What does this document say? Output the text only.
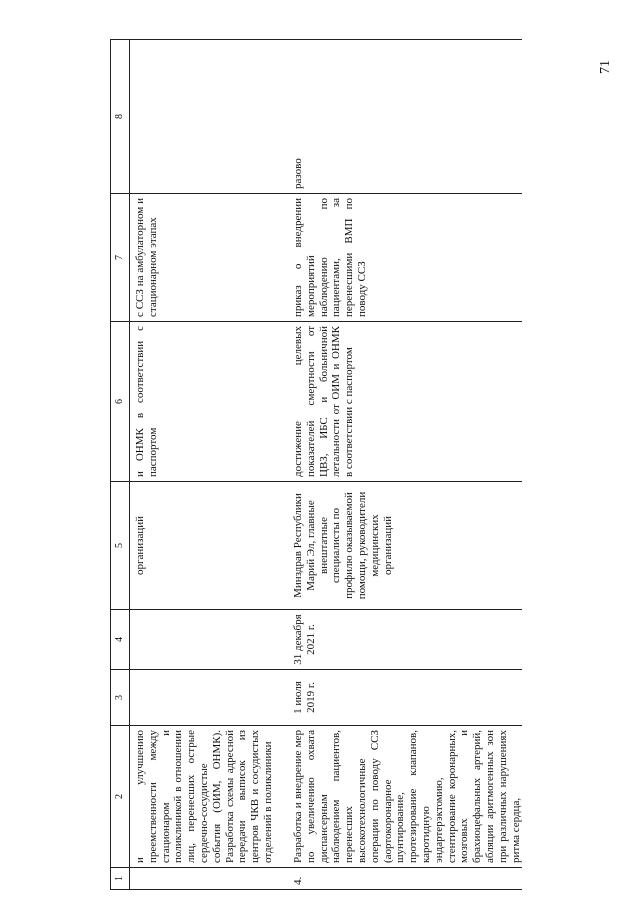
71
1	2	3	4	5	6	7	8
	и улучшению преемственности между стационаром и поликлиникой в отношении лиц, перенесших острые сердечно-сосудистые события (ОИМ, ОНМК). Разработка схемы адресной передачи выписок из центров ЧКВ и сосудистых отделений в поликлиники			организаций	и ОНМК в соответствии с паспортом	с ССЗ на амбулаторном и стационарном этапах	
4.	Разработка и внедрение мер по увеличению охвата диспансерным наблюдением пациентов, перенесших высокотехнологичные операции по поводу ССЗ (аортокоронарное шунтирование, протезирование клапанов, каротидную эндартерэктомию, стентирование коронарных, мозговых и брахиоцефальных артерий, абляции аритмогенных зон при различных нарушениях ритма сердца,	1 июля 2019 г.	31 декабря 2021 г.	Минздрав Республики Марий Эл, главные внештатные специалисты по профилю оказываемой помощи, руководители медицинских организаций	достижение целевых показателей смертности от ЦВЗ, ИБС и больничной летальности от ОИМ и ОНМК в соответствии с паспортом	приказ о внедрении мероприятий наблюдению по пациентами, за перенесшими ВМП по поводу ССЗ	разово
